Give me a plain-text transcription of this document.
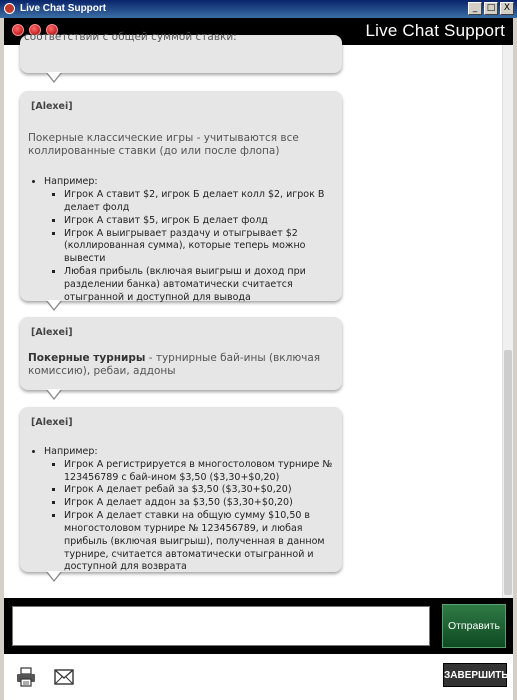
Live Chat Support	_	□ X
Live Chat Support
соответствии с общей суммой ставки:
[Alexei]
Покерные классические игры - учитываются все коллированные ставки (до или после флопа)
• Например:
▪ Игрок А ставит $2, игрок Б делает колл $2, игрок В делает фолд
▪ Игрок А ставит $5, игрок Б делает фолд
▪ Игрок А выигрывает раздачу и отыгрывает $2 (коллированная сумма), которые теперь можно вывести
▪ Любая прибыль (включая выигрыш и доход при разделении банка) автоматически считается отыгранной и доступной для вывода
[Alexei]
Покерные турниры - турнирные бай-ины (включая комиссию), ребаи, аддоны
[Alexei]
• Например:
▪ Игрок А регистрируется в многостоловом турнире № 123456789 с бай-ином $3,50 ($3,30+$0,20)
▪ Игрок А делает ребай за $3,50 ($3,30+$0,20)
▪ Игрок А делает аддон за $3,50 ($3,30+$0,20)
▪ Игрок А делает ставки на общую сумму $10,50 в многостоловом турнире № 123456789, и любая прибыль (включая выигрыш), полученная в данном турнире, считается автоматически отыгранной и доступной для возврата
Отправить
ЗАВЕРШИТЬ
